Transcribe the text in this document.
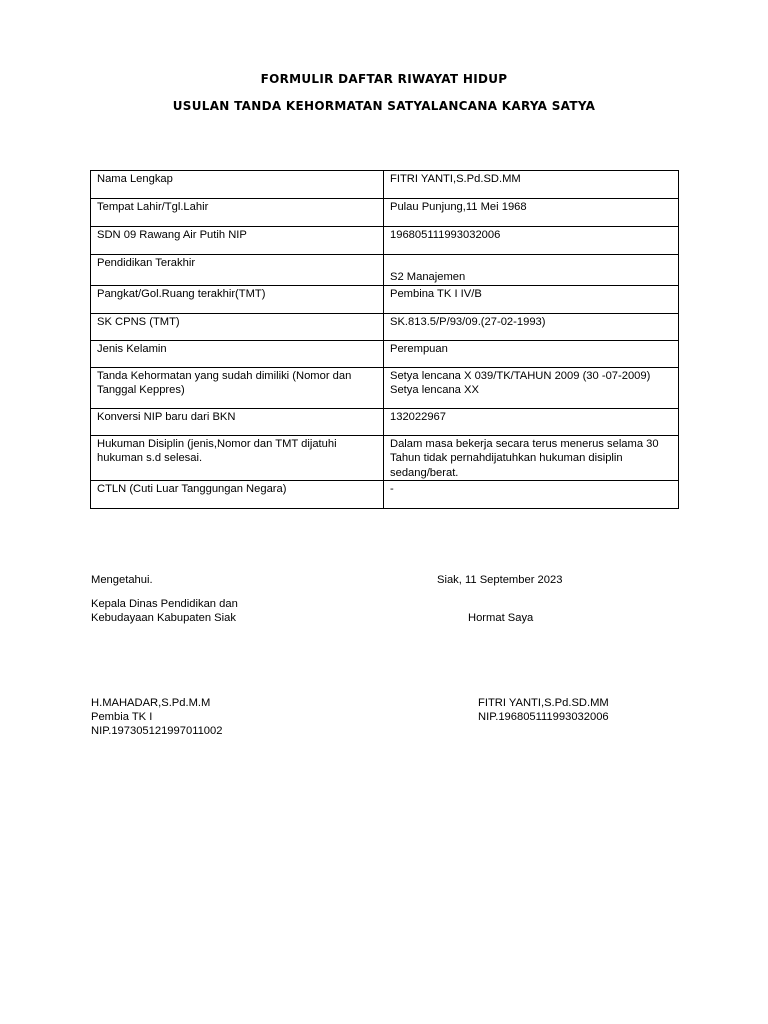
FORMULIR DAFTAR RIWAYAT HIDUP
USULAN TANDA KEHORMATAN SATYALANCANA KARYA SATYA
Nama Lengkap	FITRI YANTI,S.Pd.SD.MM

Tempat Lahir/Tgl.Lahir	Pulau Punjung,11 Mei 1968

SDN 09 Rawang Air Putih NIP	196805111993032006

Pendidikan Terakhir	S2 Manajemen

Pangkat/Gol.Ruang terakhir(TMT)	Pembina TK I IV/B

SK CPNS (TMT)	SK.813.5/P/93/09.(27-02-1993)

Jenis Kelamin	Perempuan

Tanda Kehormatan yang sudah dimiliki (Nomor dan Tanggal Keppres)	Setya lencana X 039/TK/TAHUN 2009 (30 -07-2009)
Setya lencana XX

Konversi NIP baru dari BKN	132022967

Hukuman Disiplin (jenis,Nomor dan TMT dijatuhi hukuman s.d selesai.	Dalam masa bekerja secara terus menerus selama 30 Tahun tidak pernahdijatuhkan hukuman disiplin sedang/berat.

CTLN (Cuti Luar Tanggungan Negara)	-
Mengetahui.	Siak, 11 September 2023
Kepala Dinas Pendidikan dan
Kebudayaan Kabupaten Siak	Hormat Saya
H.MAHADAR,S.Pd.M.M
Pembia TK I
NIP.197305121997011002
FITRI YANTI,S.Pd.SD.MM
NIP.196805111993032006
